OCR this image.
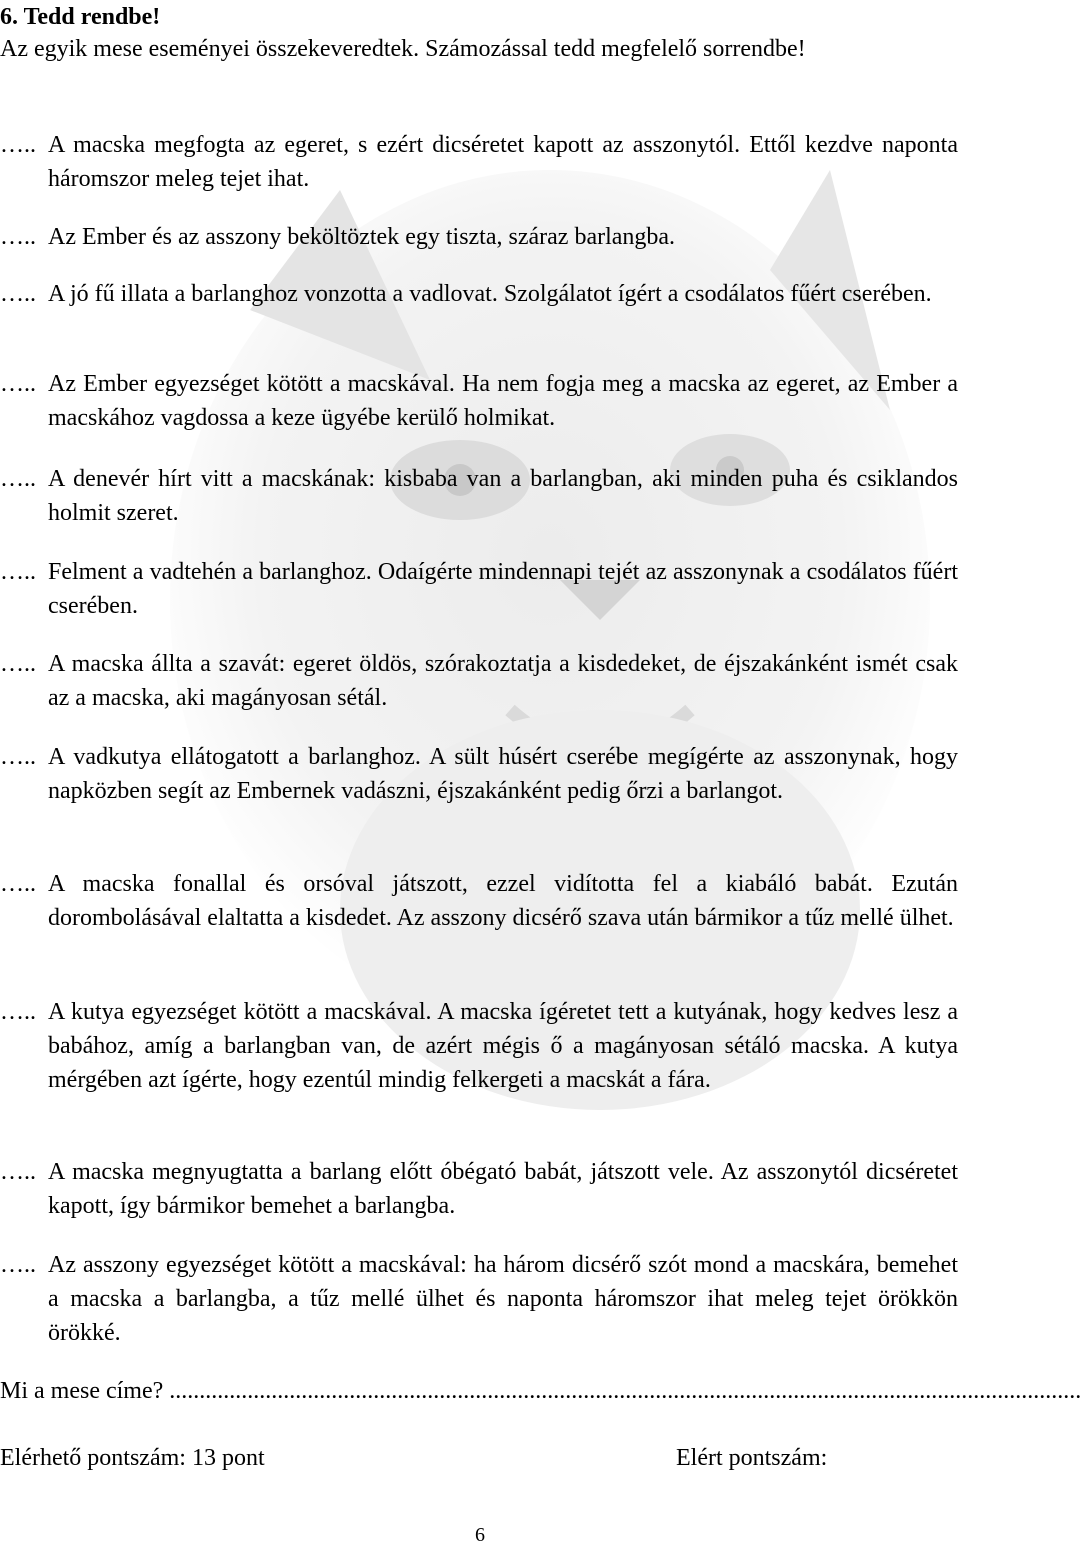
6. Tedd rendbe!
Az egyik mese eseményei összekeveredtek. Számozással tedd megfelelő sorrendbe!
….. A macska megfogta az egeret, s ezért dicséretet kapott az asszonytól. Ettől kezdve naponta háromszor meleg tejet ihat.
….. Az Ember és az asszony beköltöztek egy tiszta, száraz barlangba.
….. A jó fű illata a barlanghoz vonzotta a vadlovat. Szolgálatot ígért a csodálatos fűért cserében.
….. Az Ember egyezséget kötött a macskával. Ha nem fogja meg a macska az egeret, az Ember a macskához vagdossa a keze ügyébe kerülő holmikat.
….. A denevér hírt vitt a macskának: kisbaba van a barlangban, aki minden puha és csiklandos holmit szeret.
….. Felment a vadtehén a barlanghoz. Odaígérte mindennapi tejét az asszonynak a csodálatos fűért cserében.
….. A macska állta a szavát: egeret öldös, szórakoztatja a kisdedeket, de éjszakánként ismét csak az a macska, aki magányosan sétál.
….. A vadkutya ellátogatott a barlanghoz. A sült húsért cserébe megígérte az asszonynak, hogy napközben segít az Embernek vadászni, éjszakánként pedig őrzi a barlangot.
….. A macska fonallal és orsóval játszott, ezzel vidította fel a kiabáló babát. Ezután dorombolásával elaltatta a kisdedet. Az asszony dicsérő szava után bármikor a tűz mellé ülhet.
….. A kutya egyezséget kötött a macskával. A macska ígéretet tett a kutyának, hogy kedves lesz a babához, amíg a barlangban van, de azért mégis ő a magányosan sétáló macska. A kutya mérgében azt ígérte, hogy ezentúl mindig felkergeti a macskát a fára.
….. A macska megnyugtatta a barlang előtt óbégató babát, játszott vele. Az asszonytól dicséretet kapott, így bármikor bemehet a barlangba.
….. Az asszony egyezséget kötött a macskával: ha három dicsérő szót mond a macskára, bemehet a macska a barlangba, a tűz mellé ülhet és naponta háromszor ihat meleg tejet örökkön örökké.
Mi a mese címe? ........................................................................................................................................................
Elérhető pontszám: 13 pont	Elért pontszám:
6
